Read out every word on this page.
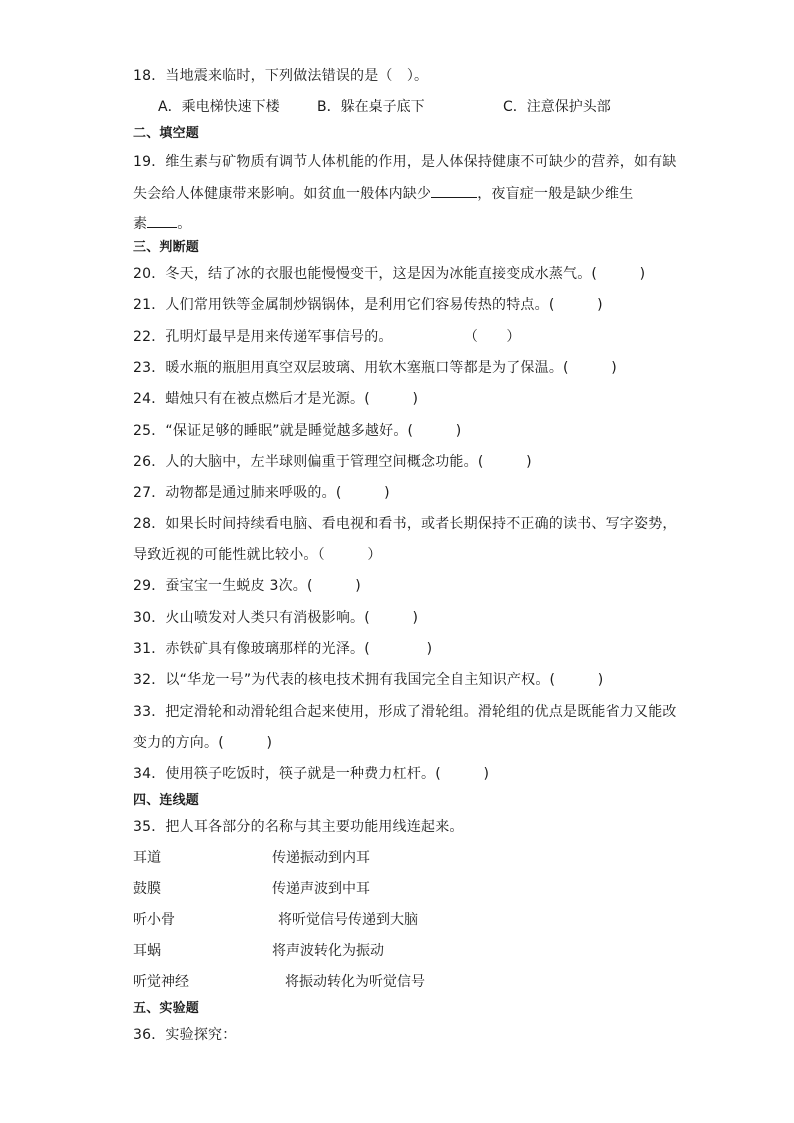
18．当地震来临时，下列做法错误的是（　）。
A．乘电梯快速下楼	B．躲在桌子底下	C．注意保护头部
二、填空题
19．维生素与矿物质有调节人体机能的作用，是人体保持健康不可缺少的营养，如有缺
失会给人体健康带来影响。如贫血一般体内缺少	，夜盲症一般是缺少维生
素 。
三、判断题
20．冬天，结了冰的衣服也能慢慢变干，这是因为冰能直接变成水蒸气。(　　　)
21．人们常用铁等金属制炒锅锅体，是利用它们容易传热的特点。(　　　)
22．孔明灯最早是用来传递军事信号的。　　　　　　（　　）
23．暖水瓶的瓶胆用真空双层玻璃、用软木塞瓶口等都是为了保温。(　　　)
24．蜡烛只有在被点燃后才是光源。(　　　)
25．“保证足够的睡眠”就是睡觉越多越好。(　　　)
26．人的大脑中，左半球则偏重于管理空间概念功能。(　　　)
27．动物都是通过肺来呼吸的。(　　　)
28．如果长时间持续看电脑、看电视和看书，或者长期保持不正确的读书、写字姿势，
导致近视的可能性就比较小。（　　　）
29．蚕宝宝一生蜕皮 3次。(　　　)
30．火山喷发对人类只有消极影响。(　　　)
31．赤铁矿具有像玻璃那样的光泽。(　　　　)
32．以“华龙一号”为代表的核电技术拥有我国完全自主知识产权。(　　　)
33．把定滑轮和动滑轮组合起来使用，形成了滑轮组。滑轮组的优点是既能省力又能改
变力的方向。(　　　)
34．使用筷子吃饭时，筷子就是一种费力杠杆。(　　　)
四、连线题
35．把人耳各部分的名称与其主要功能用线连起来。
耳道	传递振动到内耳
鼓膜	传递声波到中耳
听小骨	将听觉信号传递到大脑
耳蜗	将声波转化为振动
听觉神经	将振动转化为听觉信号
五、实验题
36．实验探究：
